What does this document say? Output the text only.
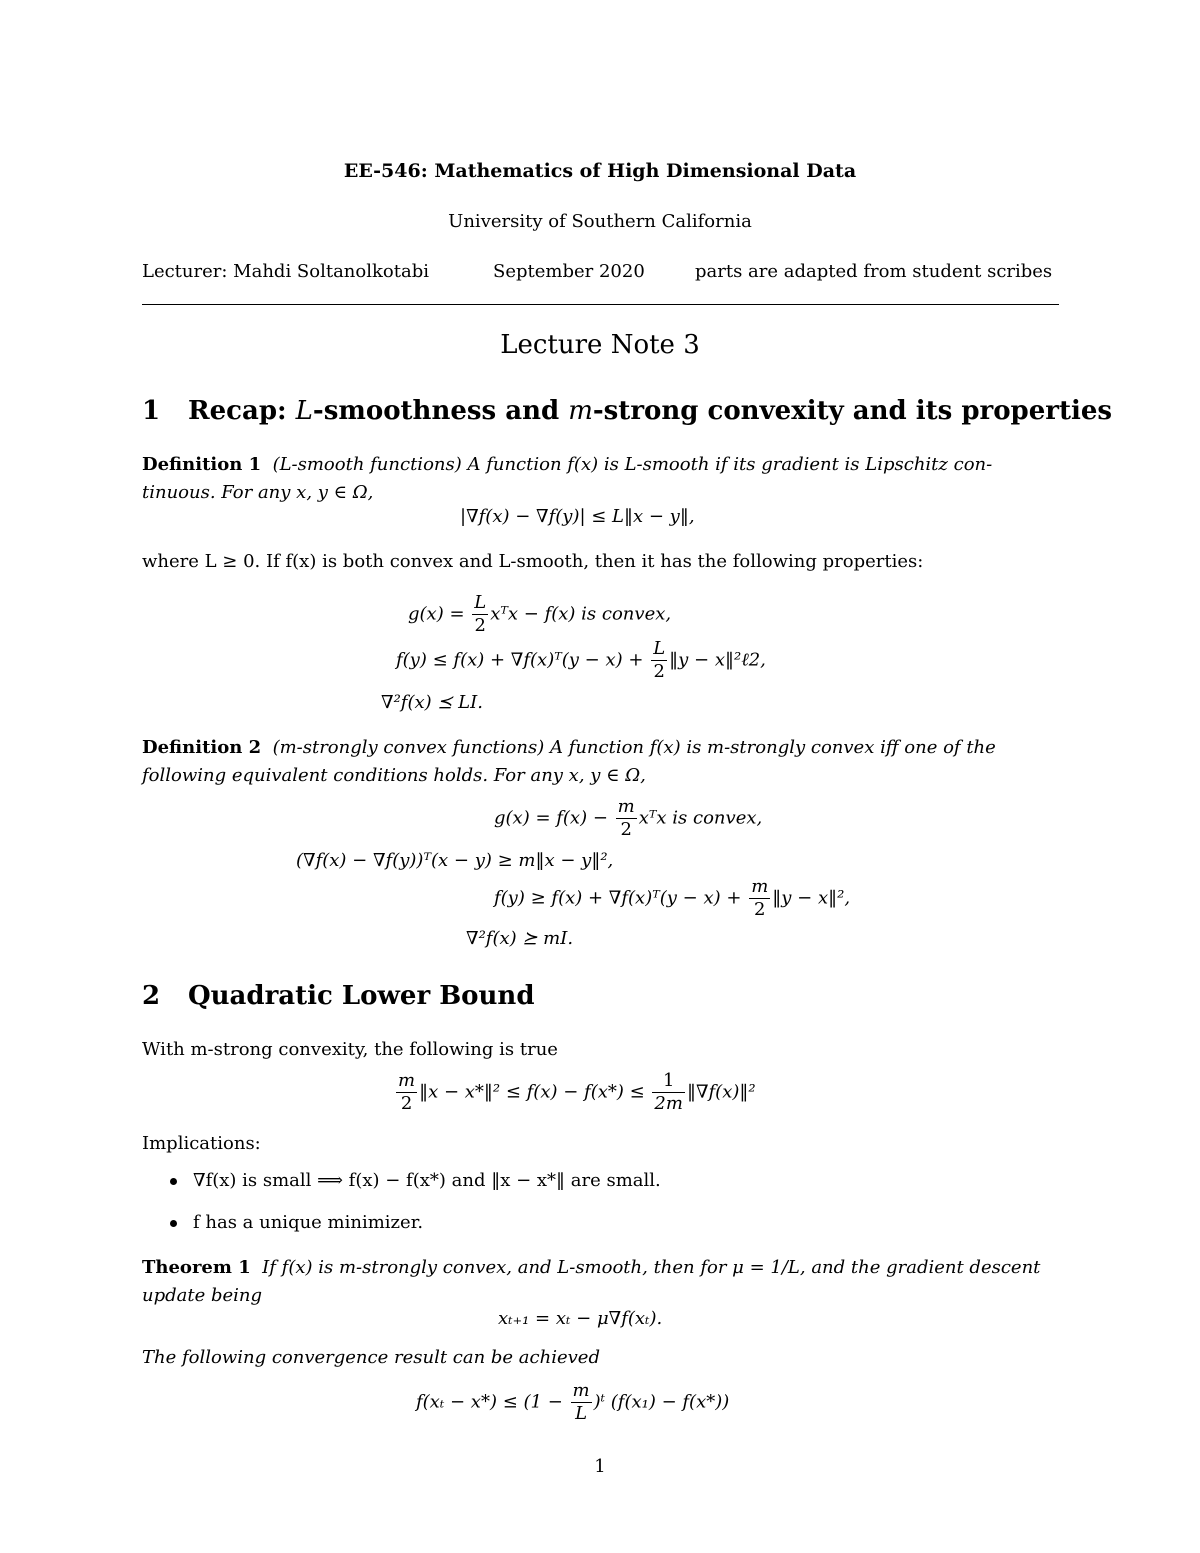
EE-546: Mathematics of High Dimensional Data
University of Southern California
Lecturer: Mahdi Soltanolkotabi	September 2020	parts are adapted from student scribes
Lecture Note 3
1 Recap: L-smoothness and m-strong convexity and its properties
Definition 1 (L-smooth functions) A function f(x) is L-smooth if its gradient is Lipschitz con-
tinuous. For any x, y ∈ Ω,
|∇f(x) − ∇f(y)| ≤ L‖x − y‖,
where L ≥ 0. If f(x) is both convex and L-smooth, then it has the following properties:
$g(x) = \frac{L}{2}$ xᵀx − f(x) is convex,
f(y) ≤ f(x) + ∇f(x)ᵀ(y − $x) + \frac{L}{2}$ ‖y − x‖²ℓ2,
∇²f(x) ⪯ LI.
Definition 2 (m-strongly convex functions) A function f(x) is m-strongly convex iff one of the
following equivalent conditions holds. For any x, y ∈ Ω,
$g(x) = f(x) - \frac{m}{2}$ xᵀx is convex,
(∇f(x) − ∇f(y))ᵀ(x − y) ≥ m‖x − y‖²,
f(y) ≥ f(x) + ∇f(x)ᵀ(y − $x) + \frac{m}{2}$ ‖y − x‖²,
∇²f(x) ⪰ mI.
2 Quadratic Lower Bound
With m-strong convexity, the following is true
$\frac{m}{2}$ ‖x − x*‖² ≤ $f(x) - f(x*) \le \frac{1}{2m}$ ‖∇f(x)‖²
Implications:
∇f(x) is small ⟹ f(x) − f(x*) and ‖x − x*‖ are small.
f has a unique minimizer.
Theorem 1 If f(x) is m-strongly convex, and L-smooth, then for μ = 1/L, and the gradient descent
update being
xₜ₊₁ = xₜ − μ∇f(xₜ).
The following convergence result can be achieved
$f(x_t - x*) \le (1 - \frac{m}{L}$ )ᵗ (f(x₁) − f(x*))
1
